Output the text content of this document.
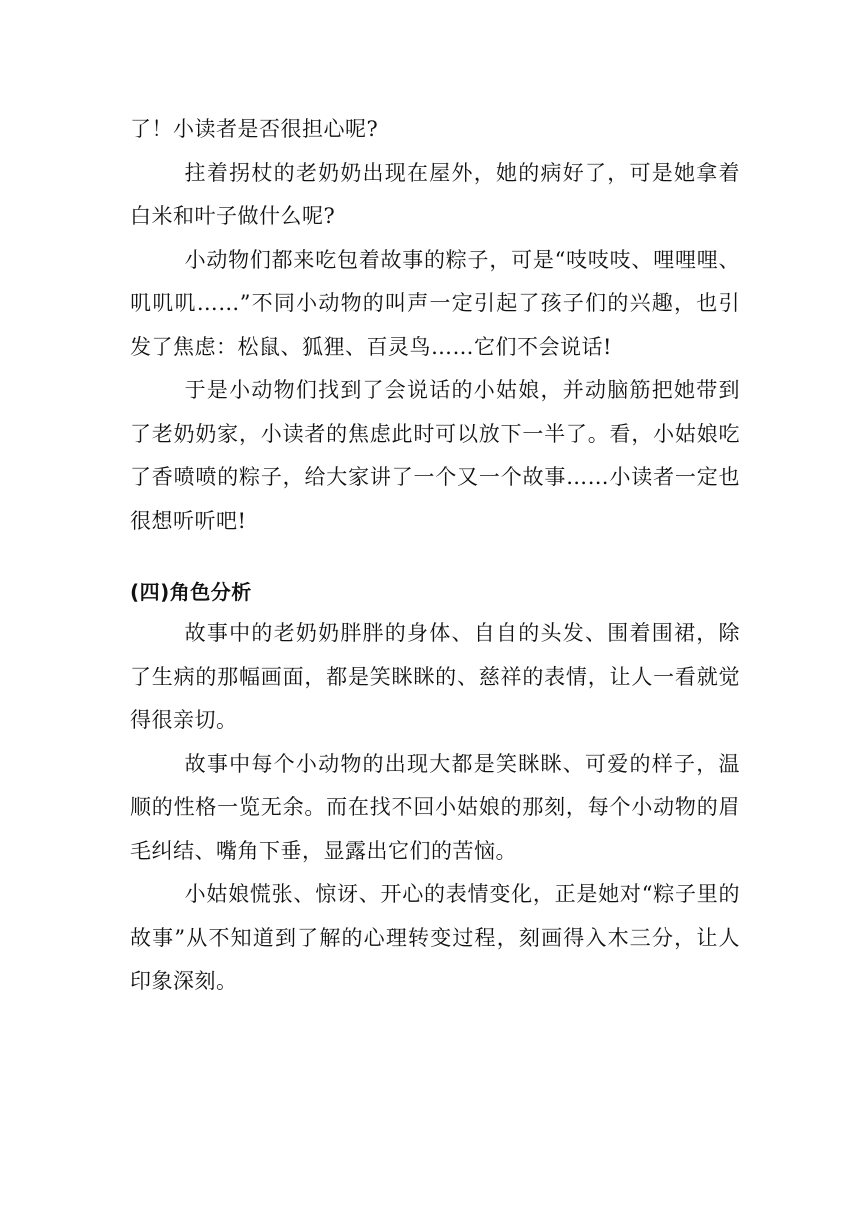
了！小读者是否很担心呢?

拄着拐杖的老奶奶出现在屋外，她的病好了，可是她拿着白米和叶子做什么呢?

小动物们都来吃包着故事的粽子，可是“吱吱吱、哩哩哩、叽叽叽……”不同小动物的叫声一定引起了孩子们的兴趣，也引发了焦虑：松鼠、狐狸、百灵鸟……它们不会说话!

于是小动物们找到了会说话的小姑娘，并动脑筋把她带到了老奶奶家，小读者的焦虑此时可以放下一半了。看，小姑娘吃了香喷喷的粽子，给大家讲了一个又一个故事……小读者一定也很想听听吧!

(四)角色分析

故事中的老奶奶胖胖的身体、自自的头发、围着围裙，除了生病的那幅画面，都是笑眯眯的、慈祥的表情，让人一看就觉得很亲切。

故事中每个小动物的出现大都是笑眯眯、可爱的样子，温顺的性格一览无余。而在找不回小姑娘的那刻，每个小动物的眉毛纠结、嘴角下垂，显露出它们的苦恼。

小姑娘慌张、惊讶、开心的表情变化，正是她对“粽子里的故事”从不知道到了解的心理转变过程，刻画得入木三分，让人印象深刻。
